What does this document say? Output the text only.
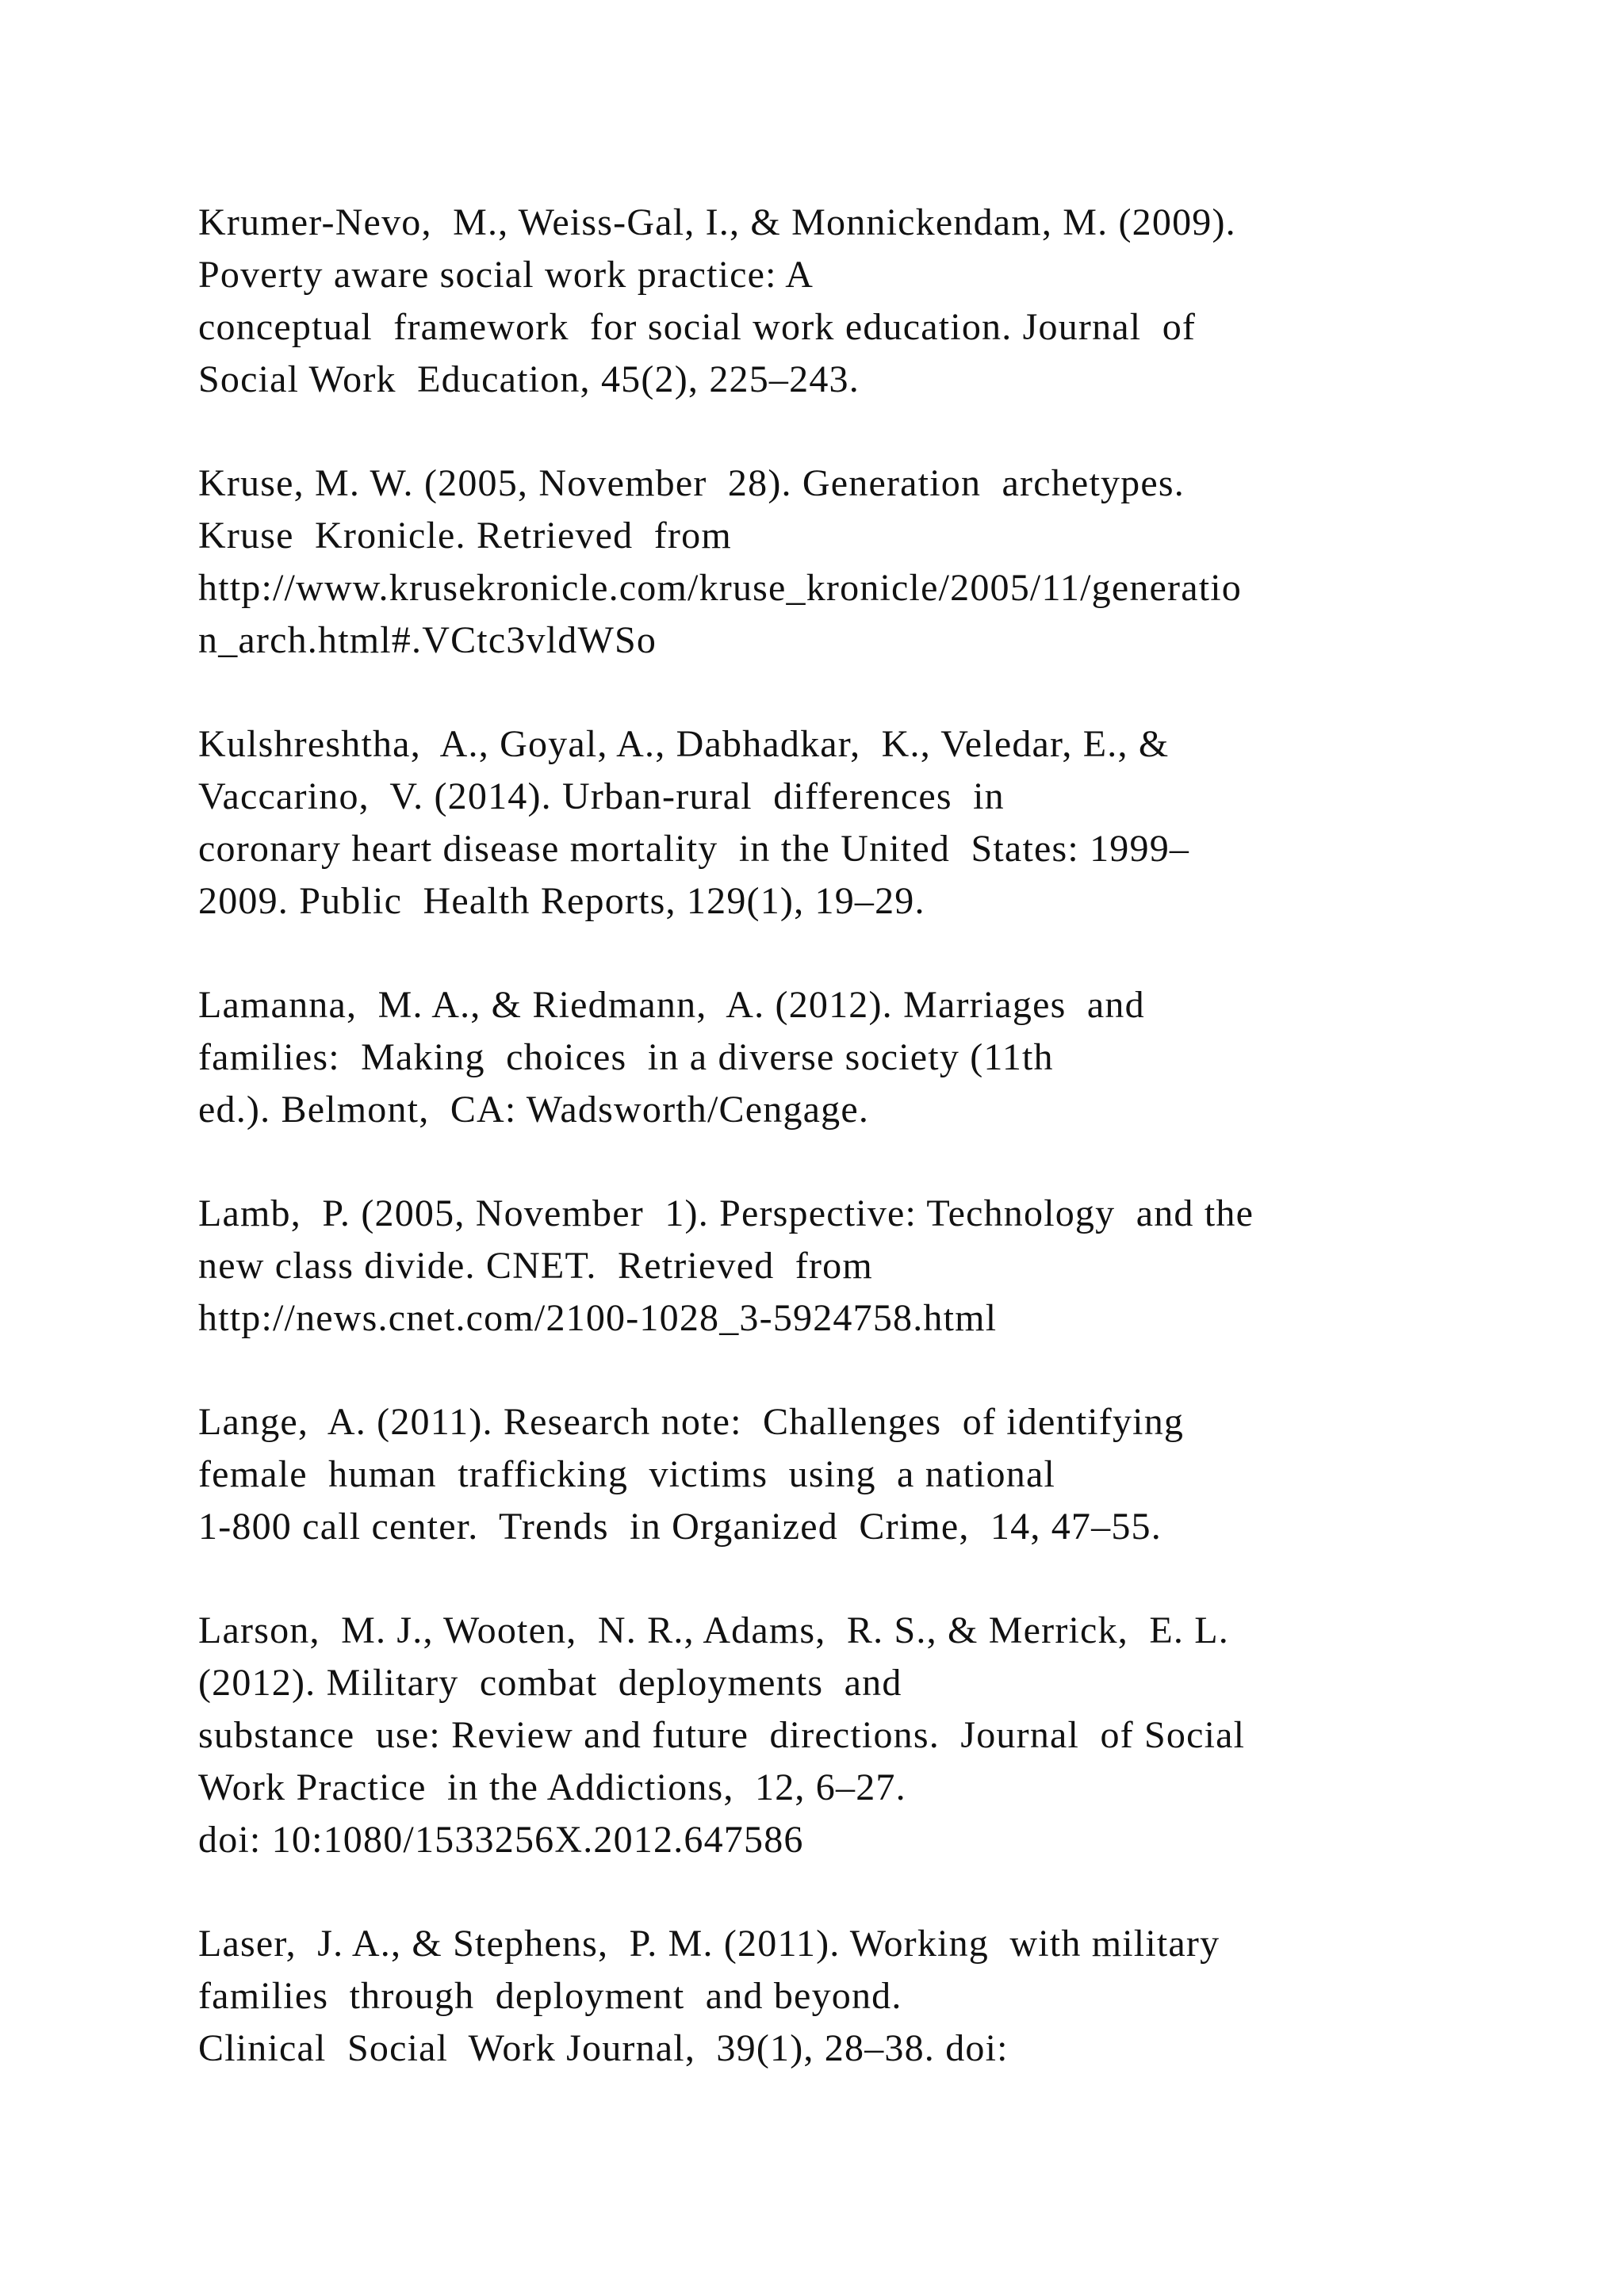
Krumer-Nevo,  M., Weiss-Gal, I., & Monnickendam, M. (2009).
Poverty aware social work practice: A
conceptual  framework  for social work education. Journal  of
Social Work  Education, 45(2), 225–243.
Kruse, M. W. (2005, November  28). Generation  archetypes.
Kruse  Kronicle. Retrieved  from
http://www.krusekronicle.com/kruse_kronicle/2005/11/generatio
n_arch.html#.VCtc3vldWSo
Kulshreshtha,  A., Goyal, A., Dabhadkar,  K., Veledar, E., &
Vaccarino,  V. (2014). Urban-rural  differences  in
coronary heart disease mortality  in the United  States: 1999–
2009. Public  Health Reports, 129(1), 19–29.
Lamanna,  M. A., & Riedmann,  A. (2012). Marriages  and
families:  Making  choices  in a diverse society (11th
ed.). Belmont,  CA: Wadsworth/Cengage.
Lamb,  P. (2005, November  1). Perspective: Technology  and the
new class divide. CNET.  Retrieved  from
http://news.cnet.com/2100-1028_3-5924758.html
Lange,  A. (2011). Research note:  Challenges  of identifying
female  human  trafficking  victims  using  a national
1-800 call center.  Trends  in Organized  Crime,  14, 47–55.
Larson,  M. J., Wooten,  N. R., Adams,  R. S., & Merrick,  E. L.
(2012). Military  combat  deployments  and
substance  use: Review and future  directions.  Journal  of Social
Work Practice  in the Addictions,  12, 6–27.
doi: 10:1080/1533256X.2012.647586
Laser,  J. A., & Stephens,  P. M. (2011). Working  with military
families  through  deployment  and beyond.
Clinical  Social  Work Journal,  39(1), 28–38. doi:
